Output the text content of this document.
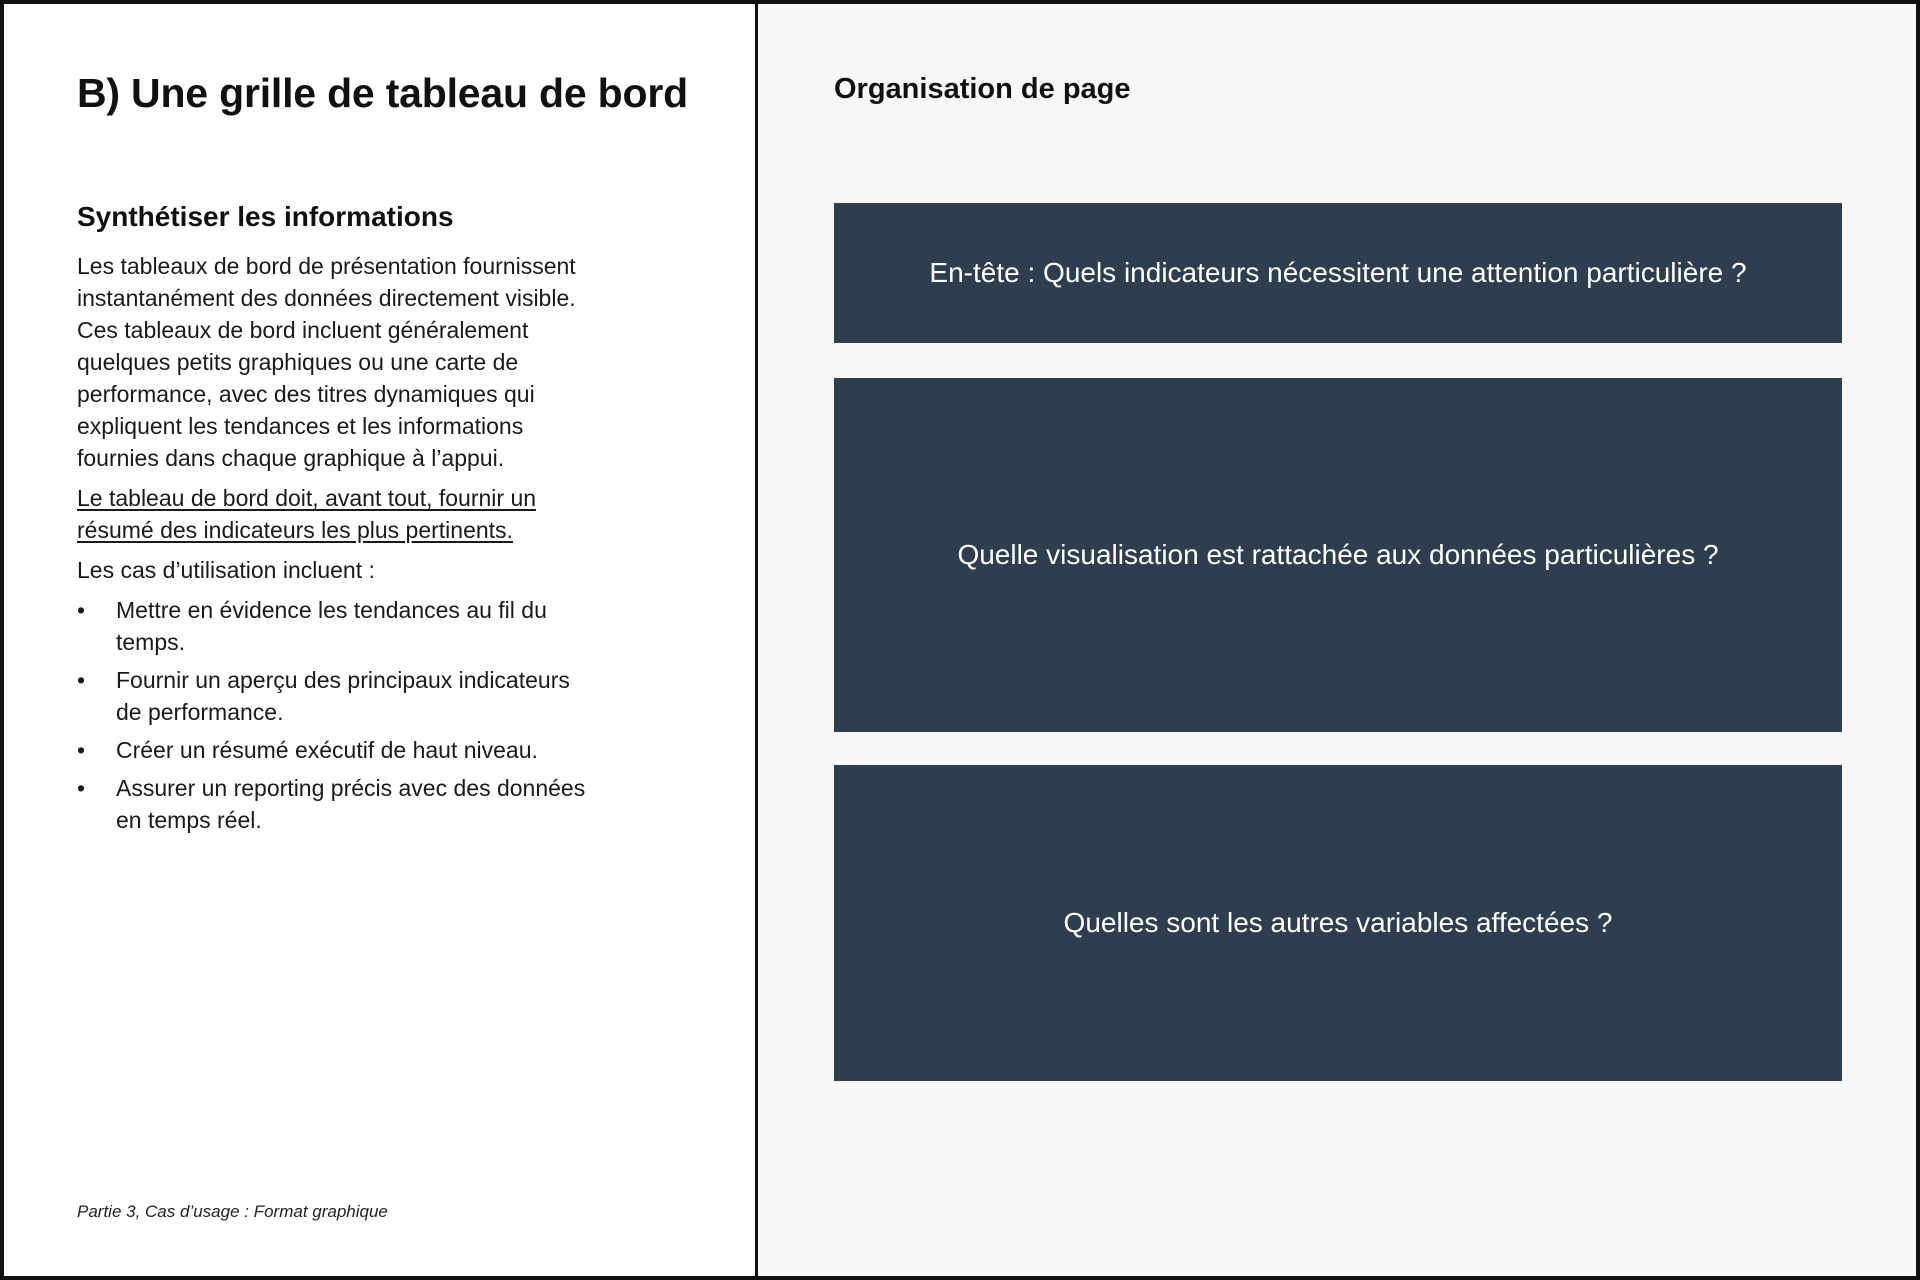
B) Une grille de tableau de bord
Synthétiser les informations

Les tableaux de bord de présentation fournissent instantanément des données directement visible. Ces tableaux de bord incluent généralement quelques petits graphiques ou une carte de performance, avec des titres dynamiques qui expliquent les tendances et les informations fournies dans chaque graphique à l’appui.

Le tableau de bord doit, avant tout, fournir un résumé des indicateurs les plus pertinents.

Les cas d’utilisation incluent :

• Mettre en évidence les tendances au fil du temps.
• Fournir un aperçu des principaux indicateurs de performance.
• Créer un résumé exécutif de haut niveau.
• Assurer un reporting précis avec des données en temps réel.
Partie 3, Cas d’usage : Format graphique
Organisation de page
En-tête : Quels indicateurs nécessitent une attention particulière ?
Quelle visualisation est rattachée aux données particulières ?
Quelles sont les autres variables affectées ?
